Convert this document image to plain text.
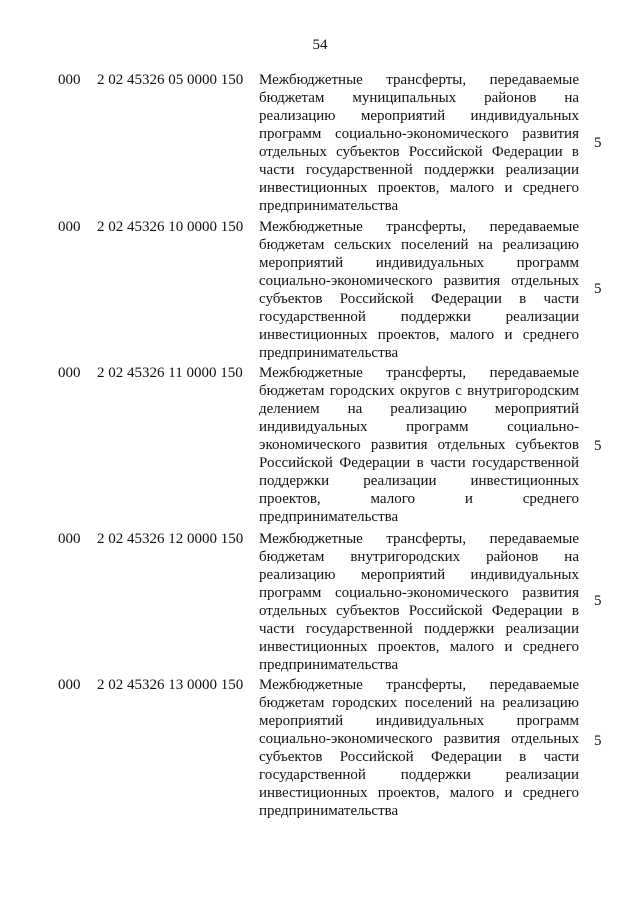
54
000 2 02 45326 05 0000 150 Межбюджетные трансферты, передаваемые бюджетам муниципальных районов на реализацию мероприятий индивидуальных программ социально-экономического развития отдельных субъектов Российской Федерации в части государственной поддержки реализации инвестиционных проектов, малого и среднего предпринимательства
5
000 2 02 45326 10 0000 150 Межбюджетные трансферты, передаваемые бюджетам сельских поселений на реализацию мероприятий индивидуальных программ социально-экономического развития отдельных субъектов Российской Федерации в части государственной поддержки реализации инвестиционных проектов, малого и среднего предпринимательства
5
000 2 02 45326 11 0000 150 Межбюджетные трансферты, передаваемые бюджетам городских округов с внутригородским делением на реализацию мероприятий индивидуальных программ социально-экономического развития отдельных субъектов Российской Федерации в части государственной поддержки реализации инвестиционных проектов, малого и среднего предпринимательства
5
000 2 02 45326 12 0000 150 Межбюджетные трансферты, передаваемые бюджетам внутригородских районов на реализацию мероприятий индивидуальных программ социально-экономического развития отдельных субъектов Российской Федерации в части государственной поддержки реализации инвестиционных проектов, малого и среднего предпринимательства
5
000 2 02 45326 13 0000 150 Межбюджетные трансферты, передаваемые бюджетам городских поселений на реализацию мероприятий индивидуальных программ социально-экономического развития отдельных субъектов Российской Федерации в части государственной поддержки реализации инвестиционных проектов, малого и среднего предпринимательства
5
